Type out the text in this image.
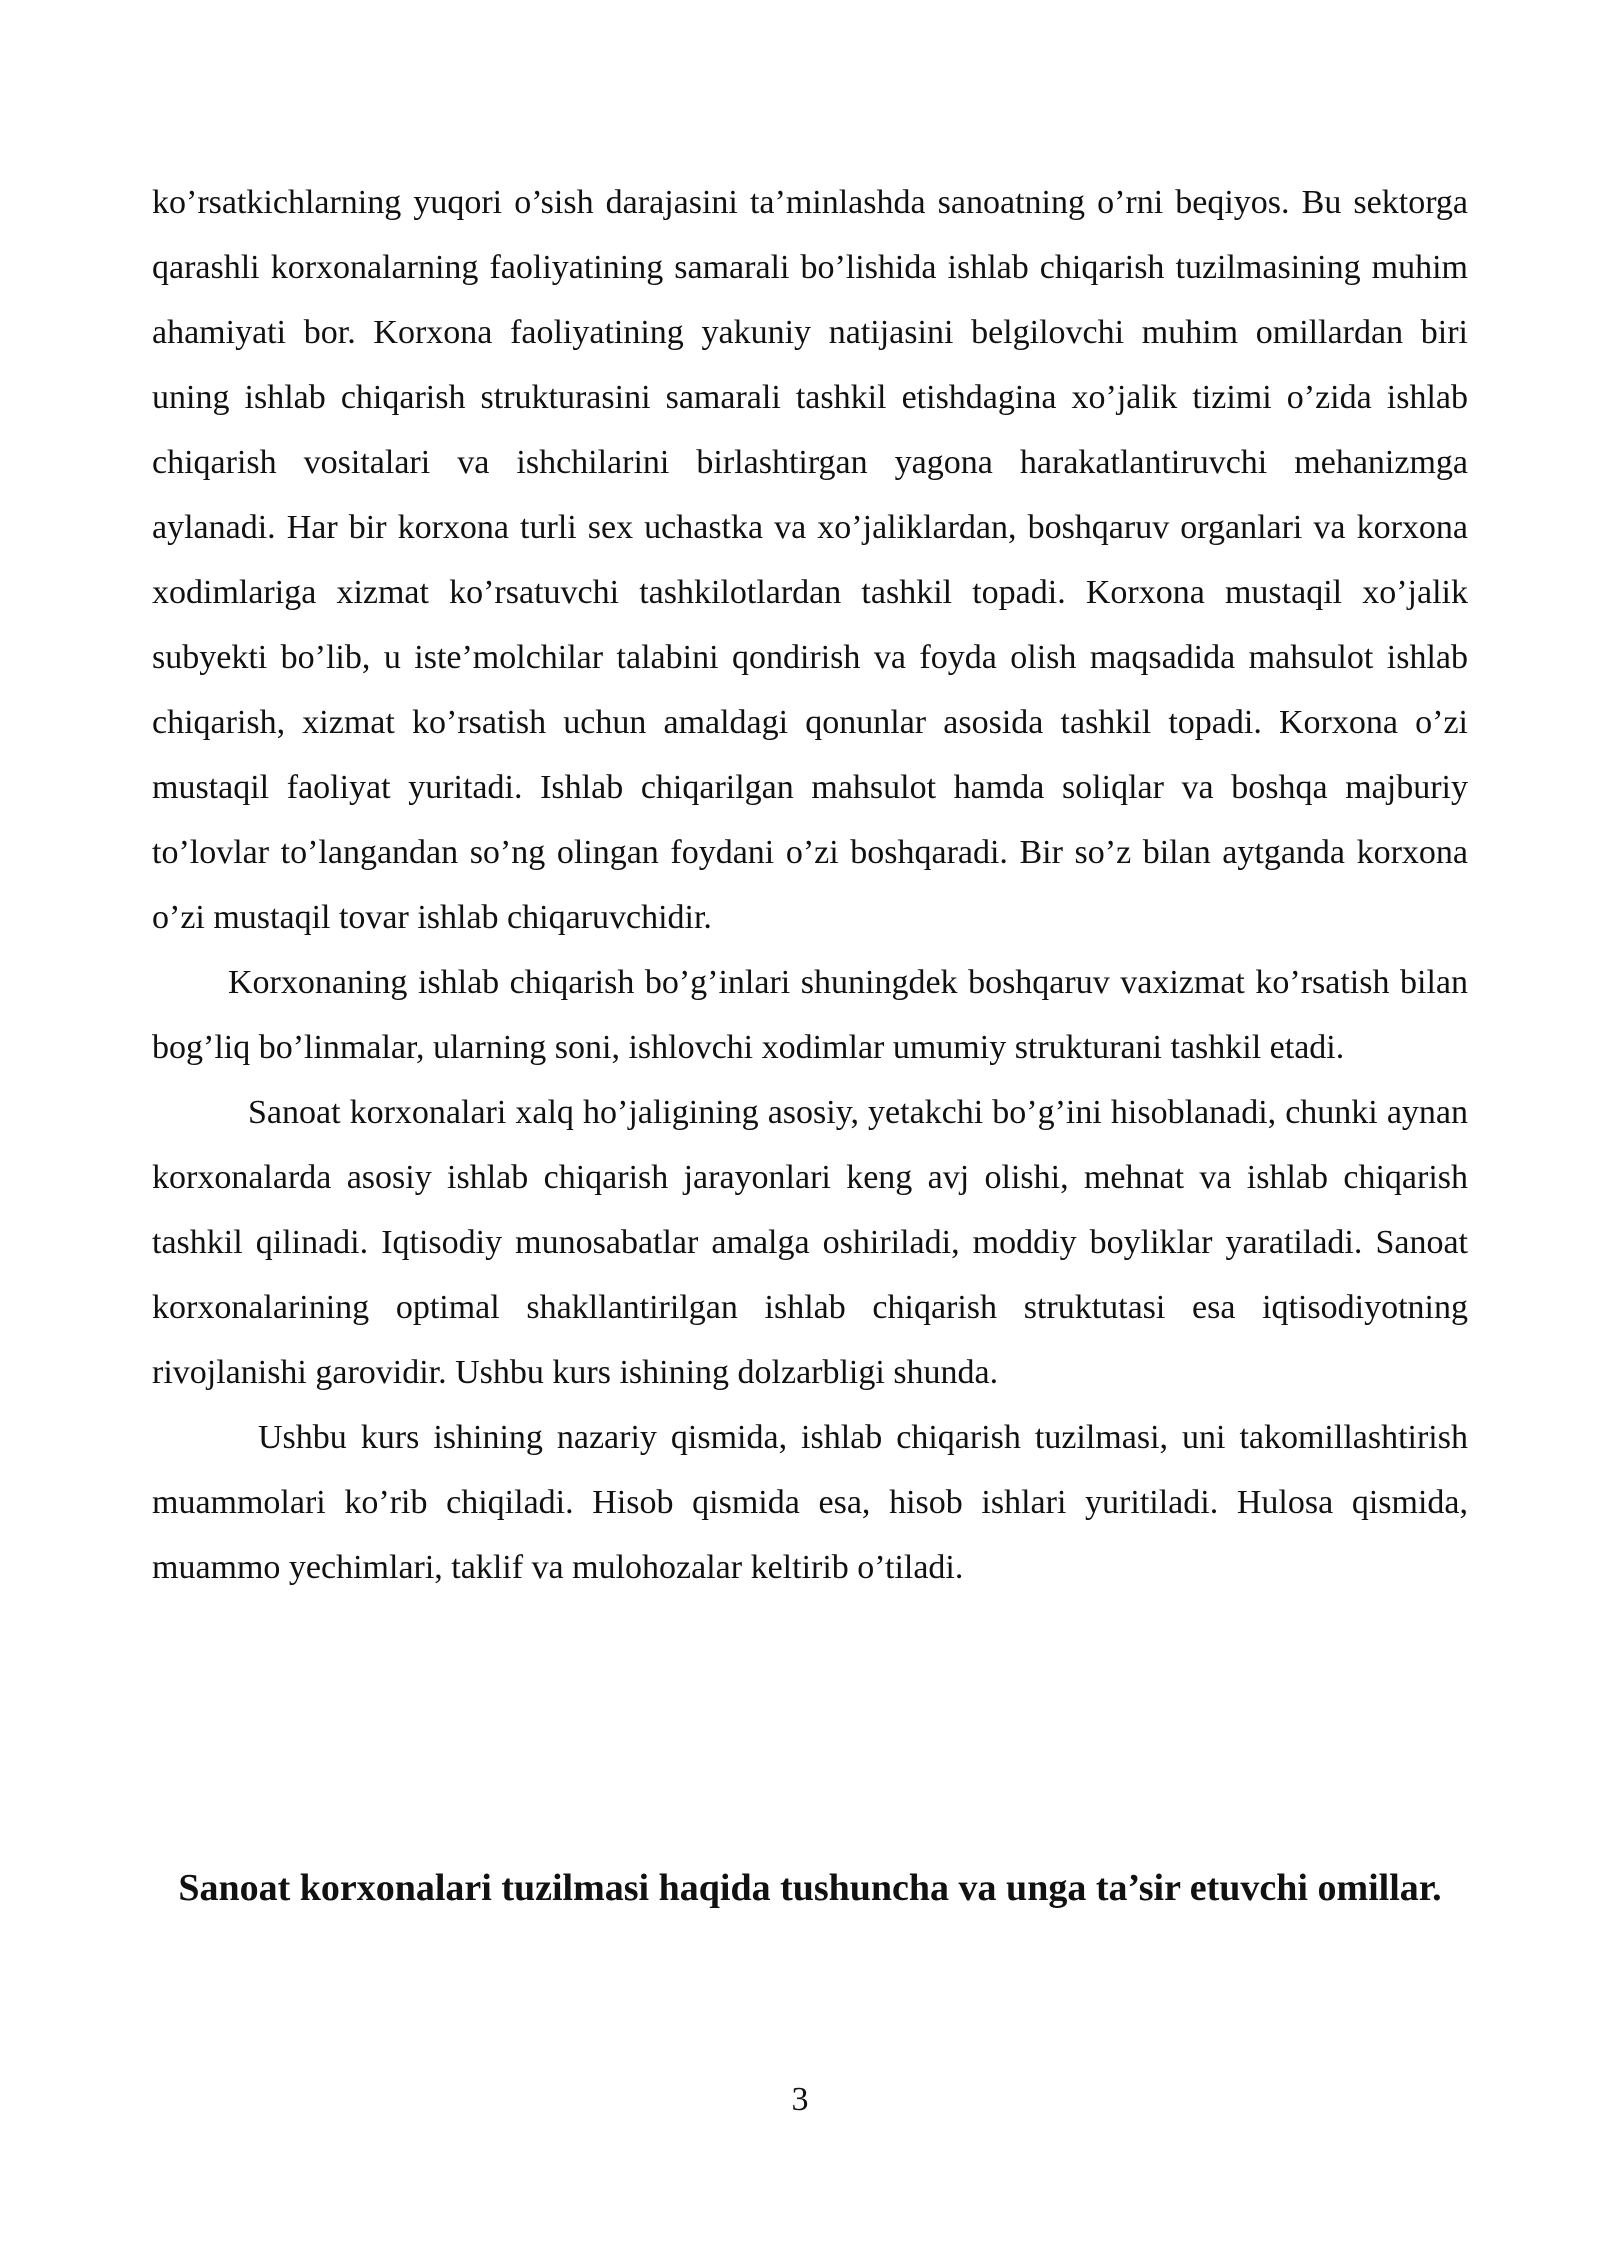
ko’rsatkichlarning yuqori o’sish darajasini ta’minlashda sanoatning o’rni beqiyos. Bu sektorga qarashli korxonalarning faoliyatining samarali bo’lishida ishlab chiqarish tuzilmasining muhim ahamiyati bor. Korxona faoliyatining yakuniy natijasini belgilovchi muhim omillardan biri uning ishlab chiqarish strukturasini samarali tashkil etishdagina xo’jalik tizimi o’zida ishlab chiqarish vositalari va ishchilarini birlashtirgan yagona harakatlantiruvchi mehanizmga aylanadi. Har bir korxona turli sex uchastka va xo’jaliklardan, boshqaruv organlari va korxona xodimlariga xizmat ko’rsatuvchi tashkilotlardan tashkil topadi. Korxona mustaqil xo’jalik subyekti bo’lib, u iste’molchilar talabini qondirish va foyda olish maqsadida mahsulot ishlab chiqarish, xizmat ko’rsatish uchun amaldagi qonunlar asosida tashkil topadi. Korxona o’zi mustaqil faoliyat yuritadi. Ishlab chiqarilgan mahsulot hamda soliqlar va boshqa majburiy to’lovlar to’langandan so’ng olingan foydani o’zi boshqaradi. Bir so’z bilan aytganda korxona o’zi mustaqil tovar ishlab chiqaruvchidir.

Korxonaning ishlab chiqarish bo’g’inlari shuningdek boshqaruv vaxizmat ko’rsatish bilan bog’liq bo’linmalar, ularning soni, ishlovchi xodimlar umumiy strukturani tashkil etadi.

Sanoat korxonalari xalq ho’jaligining asosiy, yetakchi bo’g’ini hisoblanadi, chunki aynan korxonalarda asosiy ishlab chiqarish jarayonlari keng avj olishi, mehnat va ishlab chiqarish tashkil qilinadi. Iqtisodiy munosabatlar amalga oshiriladi, moddiy boyliklar yaratiladi. Sanoat korxonalarining optimal shakllantirilgan ishlab chiqarish struktutasi esa iqtisodiyotning rivojlanishi garovidir. Ushbu kurs ishining dolzarbligi shunda.

Ushbu kurs ishining nazariy qismida, ishlab chiqarish tuzilmasi, uni takomillashtirish muammolari ko’rib chiqiladi. Hisob qismida esa, hisob ishlari yuritiladi. Hulosa qismida, muammo yechimlari, taklif va mulohozalar keltirib o’tiladi.

Sanoat korxonalari tuzilmasi haqida tushuncha va unga ta’sir etuvchi omillar.
3
